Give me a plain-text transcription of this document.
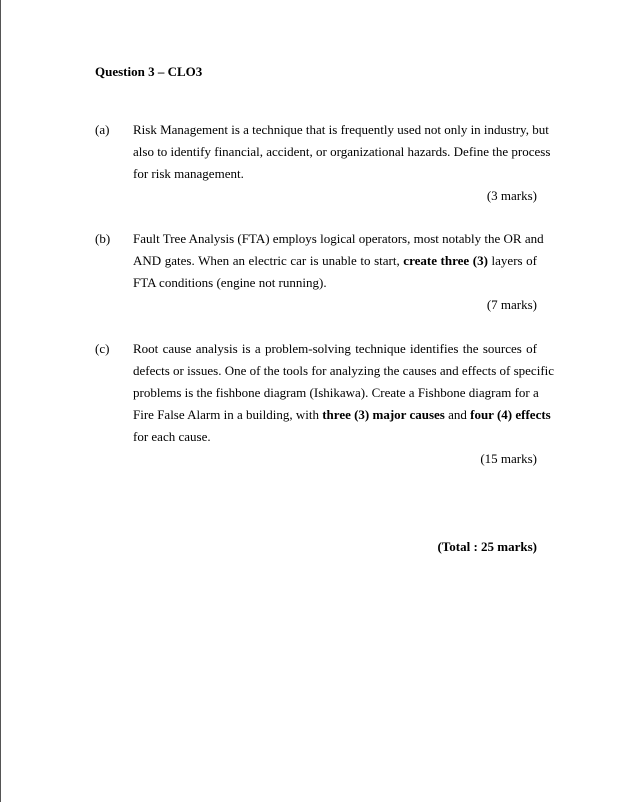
Question 3 – CLO3
(a)	Risk Management is a technique that is frequently used not only in industry, but
also to identify financial, accident, or organizational hazards. Define the process
for risk management.
(3 marks)
(b)	Fault Tree Analysis (FTA) employs logical operators, most notably the OR and
AND gates. When an electric car is unable to start, create three (3) layers of
FTA conditions (engine not running).
(7 marks)
(c)	Root cause analysis is a problem-solving technique identifies the sources of
defects or issues. One of the tools for analyzing the causes and effects of specific
problems is the fishbone diagram (Ishikawa). Create a Fishbone diagram for a
Fire False Alarm in a building, with three (3) major causes and four (4) effects
for each cause.
(15 marks)
(Total : 25 marks)
